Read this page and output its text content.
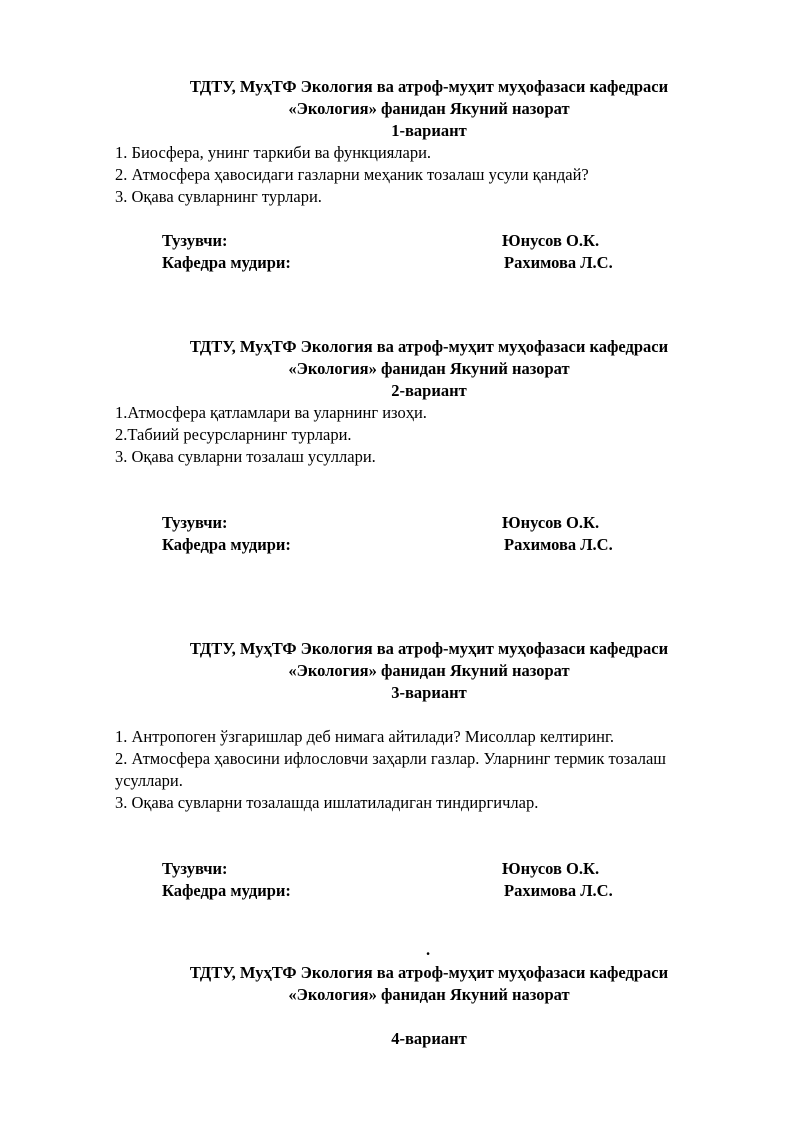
ТДТУ, МуҳТФ Экология ва атроф-муҳит муҳофазаси кафедраси
«Экология» фанидан Якуний назорат
1-вариант
1. Биосфера, унинг таркиби ва функциялари.
2. Атмосфера ҳавосидаги газларни меҳаник тозалаш усули қандай?
3. Оқава сувларнинг турлари.
Тузувчи:	Юнусов О.К.
Кафедра мудири:	Рахимова Л.С.
ТДТУ, МуҳТФ Экология ва атроф-муҳит муҳофазаси кафедраси
«Экология» фанидан Якуний назорат
2-вариант
1.Атмосфера қатламлари ва уларнинг изоҳи.
2.Табиий ресурсларнинг турлари.
3. Оқава сувларни тозалаш усуллари.
Тузувчи:	Юнусов О.К.
Кафедра мудири:	Рахимова Л.С.
ТДТУ, МуҳТФ Экология ва атроф-муҳит муҳофазаси кафедраси
«Экология» фанидан Якуний назорат
3-вариант
1. Антропоген ўзгаришлар деб нимага айтилади? Мисоллар келтиринг.
2. Атмосфера ҳавосини ифлословчи заҳарли газлар. Уларнинг термик тозалаш усуллари.
3. Оқава сувларни тозалашда ишлатиладиган тиндиргичлар.
Тузувчи:	Юнусов О.К.
Кафедра мудири:	Рахимова Л.С.
.
ТДТУ, МуҳТФ Экология ва атроф-муҳит муҳофазаси кафедраси
«Экология» фанидан Якуний назорат
4-вариант
